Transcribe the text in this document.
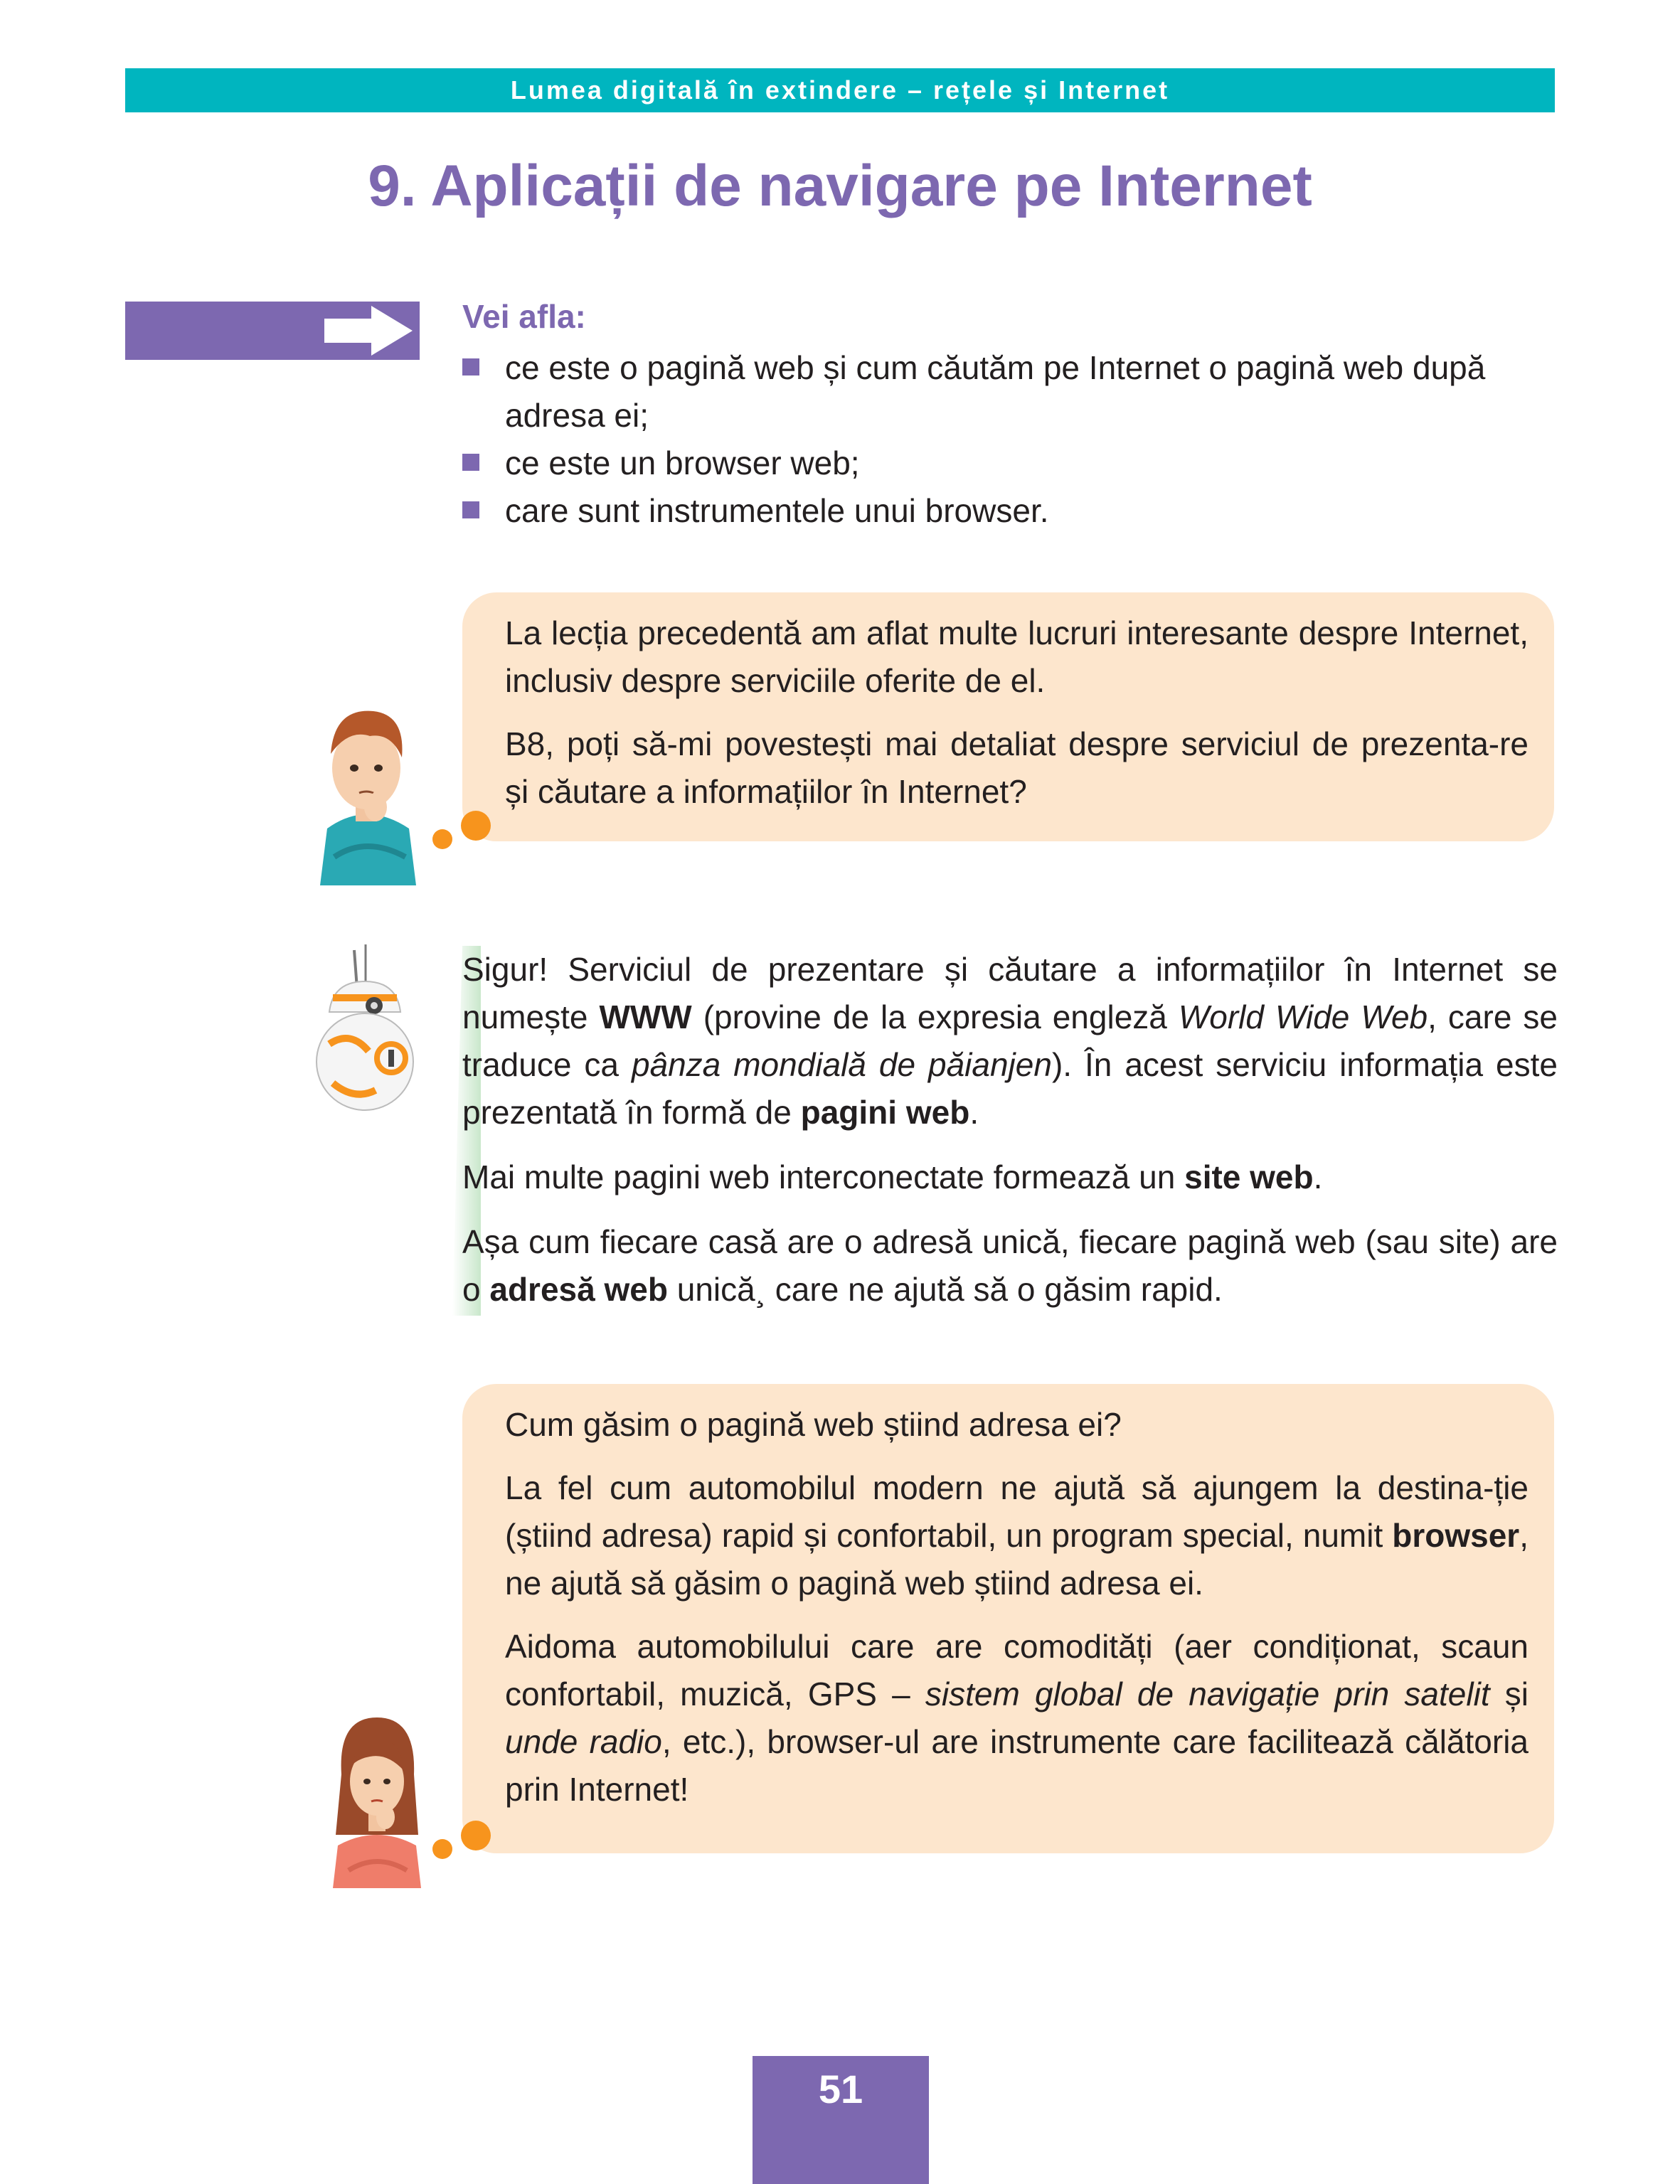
Lumea digitală în extindere – rețele și Internet
9. Aplicații de navigare pe Internet
Vei afla:
ce este o pagină web și cum căutăm pe Internet o pagină web după adresa ei;
ce este un browser web;
care sunt instrumentele unui browser.

La lecția precedentă am aflat multe lucruri interesante despre Internet, inclusiv despre serviciile oferite de el.

B8, poți să-mi povestești mai detaliat despre serviciul de prezenta-re și căutare a informațiilor în Internet?

Sigur! Serviciul de prezentare și căutare a informațiilor în Internet se numește WWW (provine de la expresia engleză World Wide Web, care se traduce ca pânza mondială de păianjen). În acest serviciu informația este prezentată în formă de pagini web.

Mai multe pagini web interconectate formează un site web.

Așa cum fiecare casă are o adresă unică, fiecare pagină web (sau site) are o adresă web unică¸ care ne ajută să o găsim rapid.

Cum găsim o pagină web știind adresa ei?

La fel cum automobilul modern ne ajută să ajungem la destina-ție (știind adresa) rapid și confortabil, un program special, numit browser, ne ajută să găsim o pagină web știind adresa ei.

Aidoma automobilului care are comodități (aer condiționat, scaun confortabil, muzică, GPS – sistem global de navigație prin satelit și unde radio, etc.), browser-ul are instrumente care facilitează călătoria prin Internet!

51
